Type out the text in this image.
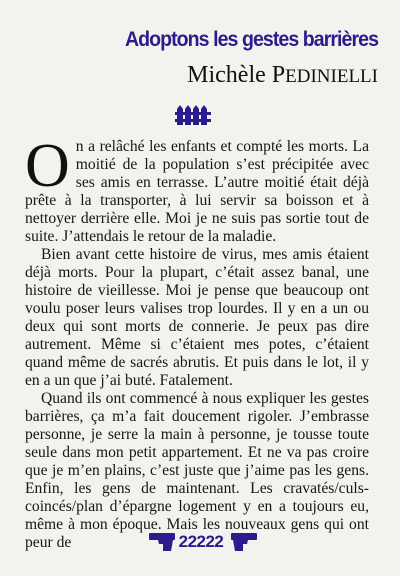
Adoptons les gestes barrières
Michèle PEDINIELLI

On a relâché les enfants et compté les morts. La moitié de la population s’est précipitée avec ses amis en terrasse. L’autre moitié était déjà prête à la transporter, à lui servir sa boisson et à nettoyer derrière elle. Moi je ne suis pas sortie tout de suite. J’attendais le retour de la maladie.

Bien avant cette histoire de virus, mes amis étaient déjà morts. Pour la plupart, c’était assez banal, une histoire de vieillesse. Moi je pense que beaucoup ont voulu poser leurs valises trop lourdes. Il y en a un ou deux qui sont morts de connerie. Je peux pas dire autrement. Même si c’étaient mes potes, c’étaient quand même de sacrés abrutis. Et puis dans le lot, il y en a un que j’ai buté. Fatalement.

Quand ils ont commencé à nous expliquer les gestes barrières, ça m’a fait doucement rigoler. J’embrasse personne, je serre la main à personne, je tousse toute seule dans mon petit appartement. Et ne va pas croire que je m’en plains, c’est juste que j’aime pas les gens. Enfin, les gens de maintenant. Les cravatés/culs-coincés/plan d’épargne logement y en a toujours eu, même à mon époque. Mais les nouveaux gens qui ont peur de	22222
